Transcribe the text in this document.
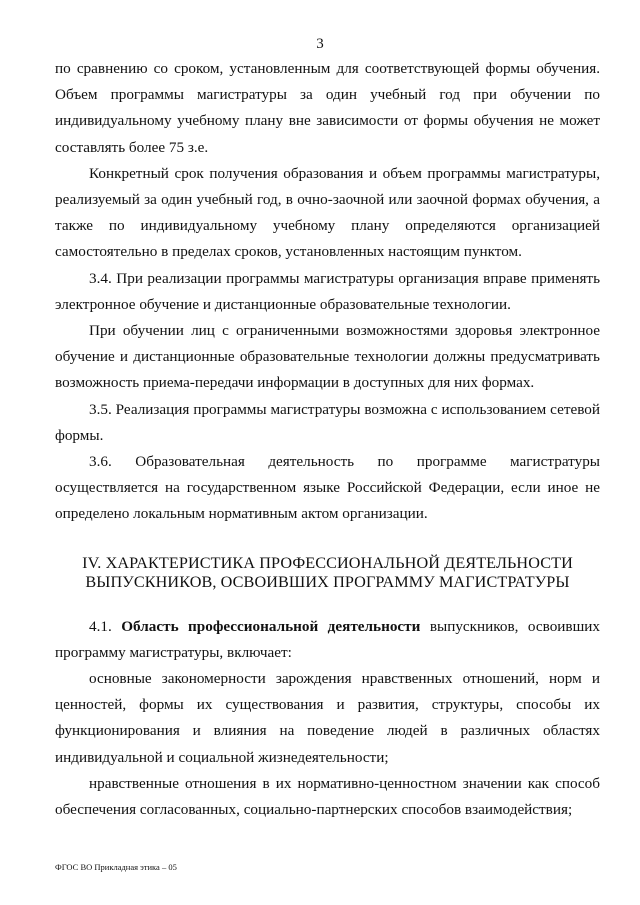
3

по сравнению со сроком, установленным для соответствующей формы обучения. Объем программы магистратуры за один учебный год при обучении по индивидуальному учебному плану вне зависимости от формы обучения не может составлять более 75 з.е.

Конкретный срок получения образования и объем программы магистратуры, реализуемый за один учебный год, в очно-заочной или заочной формах обучения, а также по индивидуальному учебному плану определяются организацией самостоятельно в пределах сроков, установленных настоящим пунктом.

3.4. При реализации программы магистратуры организация вправе применять электронное обучение и дистанционные образовательные технологии.

При обучении лиц с ограниченными возможностями здоровья электронное обучение и дистанционные образовательные технологии должны предусматривать возможность приема-передачи информации в доступных для них формах.

3.5. Реализация программы магистратуры возможна с использованием сетевой формы.

3.6. Образовательная деятельность по программе магистратуры осуществляется на государственном языке Российской Федерации, если иное не определено локальным нормативным актом организации.

IV. ХАРАКТЕРИСТИКА ПРОФЕССИОНАЛЬНОЙ ДЕЯТЕЛЬНОСТИ
ВЫПУСКНИКОВ, ОСВОИВШИХ ПРОГРАММУ МАГИСТРАТУРЫ

4.1. Область профессиональной деятельности выпускников, освоивших программу магистратуры, включает:

основные закономерности зарождения нравственных отношений, норм и ценностей, формы их существования и развития, структуры, способы их функционирования и влияния на поведение людей в различных областях индивидуальной и социальной жизнедеятельности;

нравственные отношения в их нормативно-ценностном значении как способ обеспечения согласованных, социально-партнерских способов взаимодействия;

ФГОС ВО Прикладная этика – 05
